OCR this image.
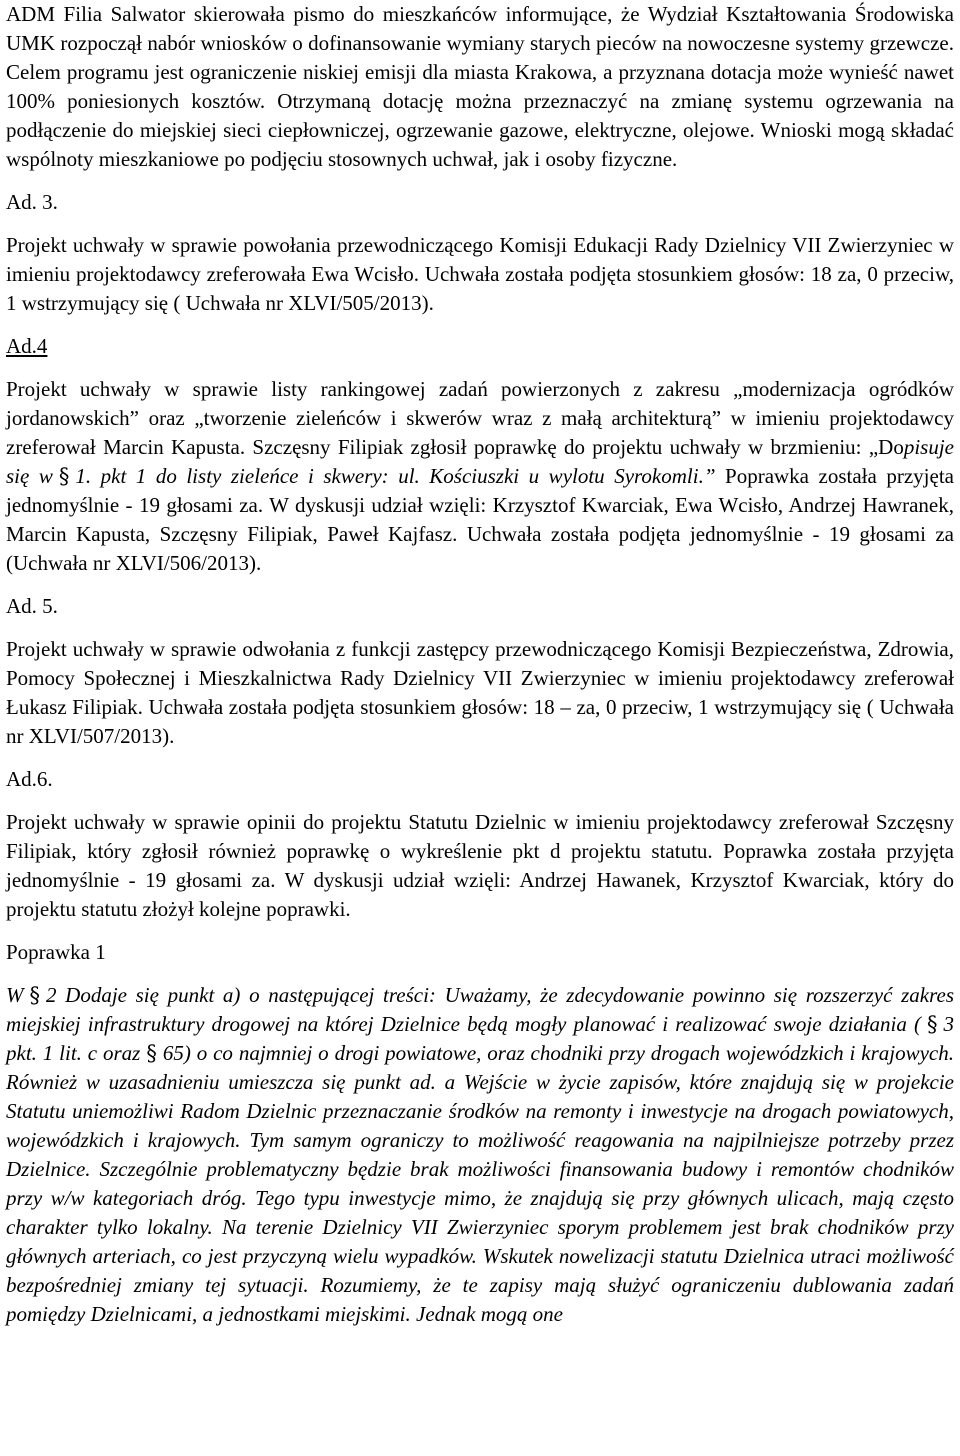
ADM Filia Salwator skierowała pismo do mieszkańców informujące, że Wydział Kształtowania Środowiska UMK rozpoczął nabór wniosków o dofinansowanie wymiany starych pieców na nowoczesne systemy grzewcze. Celem programu jest ograniczenie niskiej emisji dla miasta Krakowa, a przyznana dotacja może wynieść nawet 100% poniesionych kosztów. Otrzymaną dotację można przeznaczyć na zmianę systemu ogrzewania na podłączenie do miejskiej sieci ciepłowniczej, ogrzewanie gazowe, elektryczne, olejowe. Wnioski mogą składać wspólnoty mieszkaniowe po podjęciu stosownych uchwał, jak i osoby fizyczne.

Ad. 3.

Projekt uchwały w sprawie powołania przewodniczącego Komisji Edukacji Rady Dzielnicy VII Zwierzyniec w imieniu projektodawcy zreferowała Ewa Wcisło. Uchwała została podjęta stosunkiem głosów: 18 za, 0 przeciw, 1 wstrzymujący się ( Uchwała nr XLVI/505/2013).

Ad.4

Projekt uchwały w sprawie listy rankingowej zadań powierzonych z zakresu „modernizacja ogródków jordanowskich” oraz „tworzenie zieleńców i skwerów wraz z małą architekturą” w imieniu projektodawcy zreferował Marcin Kapusta. Szczęsny Filipiak zgłosił poprawkę do projektu uchwały w brzmieniu: „Dopisuje się w § 1. pkt 1 do listy zieleńce i skwery: ul. Kościuszki u wylotu Syrokomli.” Poprawka została przyjęta jednomyślnie - 19 głosami za. W dyskusji udział wzięli: Krzysztof Kwarciak, Ewa Wcisło, Andrzej Hawranek, Marcin Kapusta, Szczęsny Filipiak, Paweł Kajfasz. Uchwała została podjęta jednomyślnie - 19 głosami za (Uchwała nr XLVI/506/2013).

Ad. 5.

Projekt uchwały w sprawie odwołania z funkcji zastępcy przewodniczącego Komisji Bezpieczeństwa, Zdrowia, Pomocy Społecznej i Mieszkalnictwa Rady Dzielnicy VII Zwierzyniec w imieniu projektodawcy zreferował Łukasz Filipiak. Uchwała została podjęta stosunkiem głosów: 18 – za, 0 przeciw, 1 wstrzymujący się ( Uchwała nr XLVI/507/2013).

Ad.6.

Projekt uchwały w sprawie opinii do projektu Statutu Dzielnic w imieniu projektodawcy zreferował Szczęsny Filipiak, który zgłosił również poprawkę o wykreślenie pkt d projektu statutu. Poprawka została przyjęta jednomyślnie - 19 głosami za. W dyskusji udział wzięli: Andrzej Hawanek, Krzysztof Kwarciak, który do projektu statutu złożył kolejne poprawki.

Poprawka 1

W § 2 Dodaje się punkt a) o następującej treści: Uważamy, że zdecydowanie powinno się rozszerzyć zakres miejskiej infrastruktury drogowej na której Dzielnice będą mogły planować i realizować swoje działania ( § 3 pkt. 1 lit. c oraz § 65) o co najmniej o drogi powiatowe, oraz chodniki przy drogach wojewódzkich i krajowych. Również w uzasadnieniu umieszcza się punkt ad. a Wejście w życie zapisów, które znajdują się w projekcie Statutu uniemożliwi Radom Dzielnic przeznaczanie środków na remonty i inwestycje na drogach powiatowych, wojewódzkich i krajowych. Tym samym ograniczy to możliwość reagowania na najpilniejsze potrzeby przez Dzielnice. Szczególnie problematyczny będzie brak możliwości finansowania budowy i remontów chodników przy w/w kategoriach dróg. Tego typu inwestycje mimo, że znajdują się przy głównych ulicach, mają często charakter tylko lokalny. Na terenie Dzielnicy VII Zwierzyniec sporym problemem jest brak chodników przy głównych arteriach, co jest przyczyną wielu wypadków. Wskutek nowelizacji statutu Dzielnica utraci możliwość bezpośredniej zmiany tej sytuacji. Rozumiemy, że te zapisy mają służyć ograniczeniu dublowania zadań pomiędzy Dzielnicami, a jednostkami miejskimi. Jednak mogą one
